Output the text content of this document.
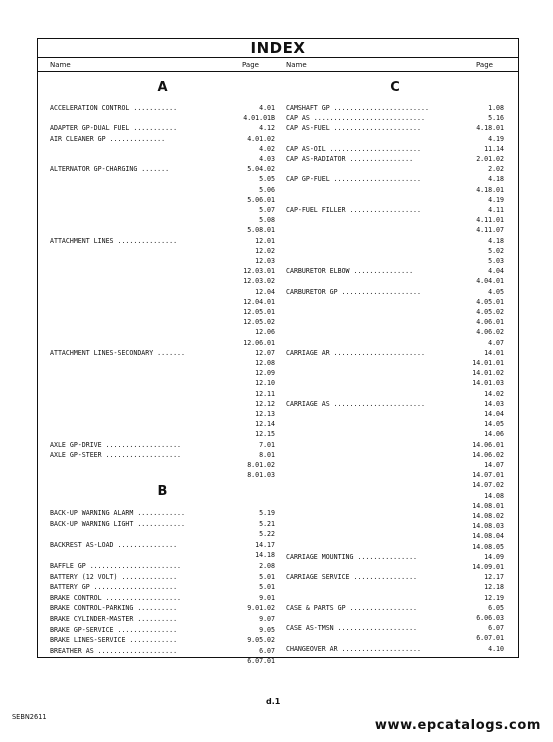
INDEX
Name	Page	Name	Page
A
B
ACCELERATION CONTROL ...........	4.01
4.01.01B
ADAPTER GP-DUAL FUEL ...........	4.12
AIR CLEANER GP ..............	4.01.02
4.02
4.03
ALTERNATOR GP-CHARGING .......	5.04.02
5.05
5.06
5.06.01
5.07
5.08
5.08.01
ATTACHMENT LINES ...............	12.01
12.02
12.03
12.03.01
12.03.02
12.04
12.04.01
12.05.01
12.05.02
12.06
12.06.01
ATTACHMENT LINES-SECONDARY .......	12.07
12.08
12.09
12.10
12.11
12.12
12.13
12.14
12.15
AXLE GP-DRIVE ...................	7.01
AXLE GP-STEER ...................	8.01
8.01.02
8.01.03
BACK-UP WARNING ALARM ............	5.19
BACK-UP WARNING LIGHT ............	5.21
5.22
BACKREST AS-LOAD ...............	14.17
14.18
BAFFLE GP .......................	2.08
BATTERY (12 VOLT) ..............	5.01
BATTERY GP .....................	5.01
BRAKE CONTROL ...................	9.01
BRAKE CONTROL-PARKING ..........	9.01.02
BRAKE CYLINDER-MASTER ..........	9.07
BRAKE GP-SERVICE ...............	9.05
BRAKE LINES-SERVICE ............	9.05.02
BREATHER AS ....................	6.07
6.07.01
C
CAMSHAFT GP ........................	1.08
CAP AS ............................	5.16
CAP AS-FUEL ......................	4.18.01
4.19
CAP AS-OIL .......................	11.14
CAP AS-RADIATOR ................	2.01.02
2.02
CAP GP-FUEL ......................	4.18
4.18.01
4.19
CAP-FUEL FILLER ..................	4.11
4.11.01
4.11.07
4.18
5.02
5.03
CARBURETOR ELBOW ...............	4.04
4.04.01
CARBURETOR GP ....................	4.05
4.05.01
4.05.02
4.06.01
4.06.02
4.07
CARRIAGE AR .......................	14.01
14.01.01
14.01.02
14.01.03
14.02
CARRIAGE AS .......................	14.03
14.04
14.05
14.06
14.06.01
14.06.02
14.07
14.07.01
14.07.02
14.08
14.08.01
14.08.02
14.08.03
14.08.04
14.08.05
CARRIAGE MOUNTING ...............	14.09
14.09.01
CARRIAGE SERVICE ................	12.17
12.18
12.19
CASE & PARTS GP .................	6.05
6.06.03
CASE AS-TMSN ....................	6.07
6.07.01
CHANGEOVER AR ....................	4.10
d.1
SEBN2611
www.epcatalogs.com
